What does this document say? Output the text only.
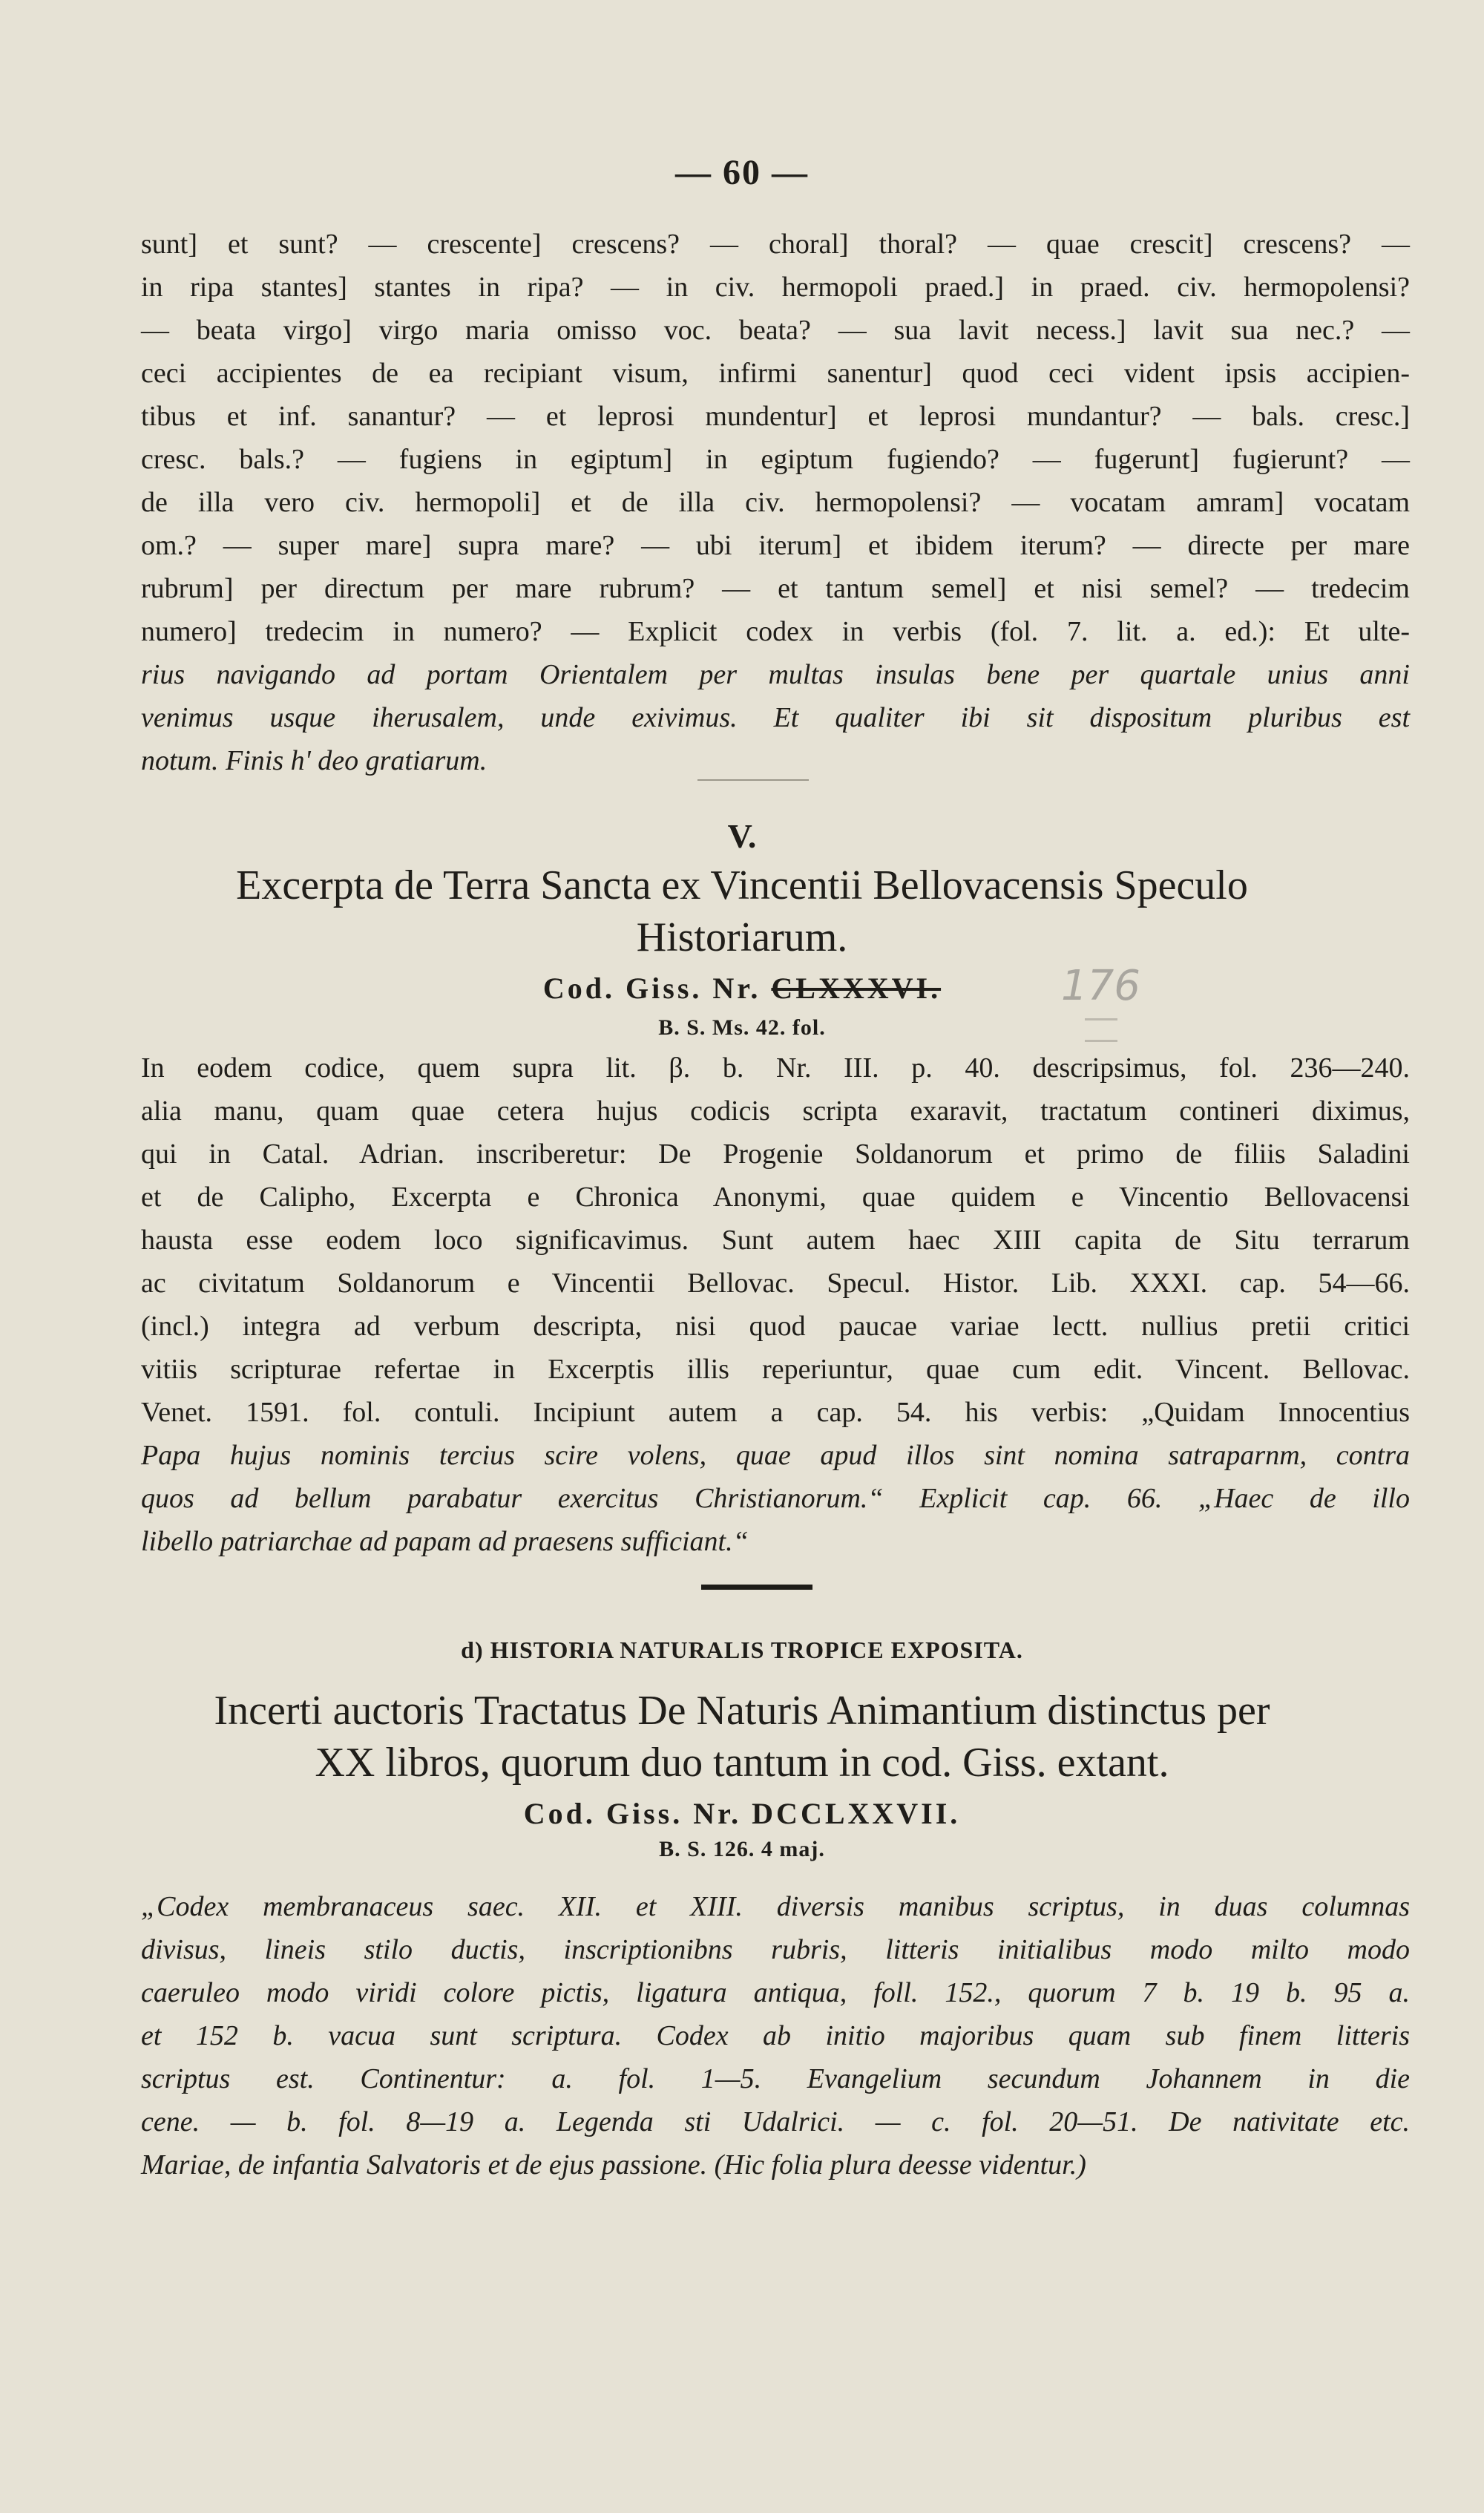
— 60 —
sunt] et sunt? — crescente] crescens? — choral] thoral? — quae crescit] crescens? —
in ripa stantes] stantes in ripa? — in civ. hermopoli praed.] in praed. civ. hermopolensi?
— beata virgo] virgo maria omisso voc. beata? — sua lavit necess.] lavit sua nec.? —
ceci accipientes de ea recipiant visum, infirmi sanentur] quod ceci vident ipsis accipien-
tibus et inf. sanantur? — et leprosi mundentur] et leprosi mundantur? — bals. cresc.]
cresc. bals.? — fugiens in egiptum] in egiptum fugiendo? — fugerunt] fugierunt? —
de illa vero civ. hermopoli] et de illa civ. hermopolensi? — vocatam amram] vocatam
om.? — super mare] supra mare? — ubi iterum] et ibidem iterum? — directe per mare
rubrum] per directum per mare rubrum? — et tantum semel] et nisi semel? — tredecim
numero] tredecim in numero? — Explicit codex in verbis (fol. 7. lit. a. ed.): Et ulte-
rius navigando ad portam Orientalem per multas insulas bene per quartale unius anni
venimus usque iherusalem, unde exivimus. Et qualiter ibi sit dispositum pluribus est
notum. Finis h' deo gratiarum.
V.
Excerpta de Terra Sancta ex Vincentii Bellovacensis Speculo
Historiarum.
Cod. Giss. Nr. CLXXXVI.	176
B. S. Ms. 42. fol.
In eodem codice, quem supra lit. β. b. Nr. III. p. 40. descripsimus, fol. 236—240.
alia manu, quam quae cetera hujus codicis scripta exaravit, tractatum contineri diximus,
qui in Catal. Adrian. inscriberetur: De Progenie Soldanorum et primo de filiis Saladini
et de Calipho, Excerpta e Chronica Anonymi, quae quidem e Vincentio Bellovacensi
hausta esse eodem loco significavimus. Sunt autem haec XIII capita de Situ terrarum
ac civitatum Soldanorum e Vincentii Bellovac. Specul. Histor. Lib. XXXI. cap. 54—66.
(incl.) integra ad verbum descripta, nisi quod paucae variae lectt. nullius pretii critici
vitiis scripturae refertae in Excerptis illis reperiuntur, quae cum edit. Vincent. Bellovac.
Venet. 1591. fol. contuli. Incipiunt autem a cap. 54. his verbis: „Quidam Innocentius
Papa hujus nominis tercius scire volens, quae apud illos sint nomina satraparnm, contra
quos ad bellum parabatur exercitus Christianorum.“ Explicit cap. 66. „Haec de illo
libello patriarchae ad papam ad praesens sufficiant.“
d) HISTORIA NATURALIS TROPICE EXPOSITA.
Incerti auctoris Tractatus De Naturis Animantium distinctus per
XX libros, quorum duo tantum in cod. Giss. extant.
Cod. Giss. Nr. DCCLXXVII.
B. S. 126. 4 maj.
„Codex membranaceus saec. XII. et XIII. diversis manibus scriptus, in duas columnas
divisus, lineis stilo ductis, inscriptionibns rubris, litteris initialibus modo milto modo
caeruleo modo viridi colore pictis, ligatura antiqua, foll. 152., quorum 7 b. 19 b. 95 a.
et 152 b. vacua sunt scriptura. Codex ab initio majoribus quam sub finem litteris
scriptus est. Continentur: a. fol. 1—5. Evangelium secundum Johannem in die
cene. — b. fol. 8—19 a. Legenda sti Udalrici. — c. fol. 20—51. De nativitate etc.
Mariae, de infantia Salvatoris et de ejus passione. (Hic folia plura deesse videntur.)
